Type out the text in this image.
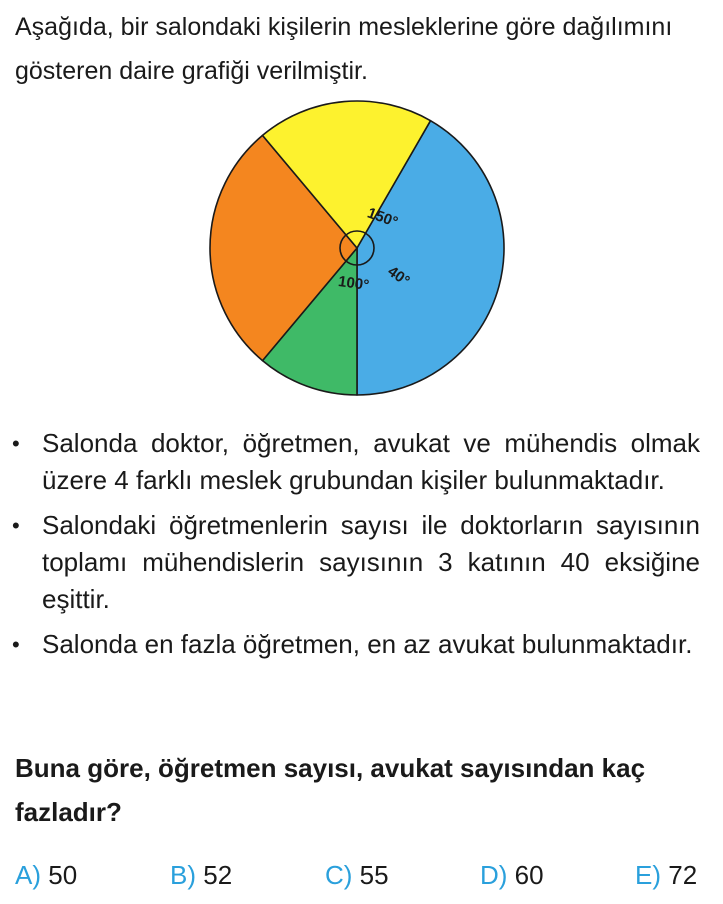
Aşağıda, bir salondaki kişilerin mesleklerine göre dağılımını gösteren daire grafiği verilmiştir.
150°
40°
100°
• Salonda doktor, öğretmen, avukat ve mühendis olmak üzere 4 farklı meslek grubundan kişiler bulunmaktadır.
• Salondaki öğretmenlerin sayısı ile doktorların sayısının toplamı mühendislerin sayısının 3 katının 40 eksiğine eşittir.
• Salonda en fazla öğretmen, en az avukat bulunmaktadır.
Buna göre, öğretmen sayısı, avukat sayısından kaç fazladır?
A) 50	B) 52	C) 55	D) 60	E) 72
